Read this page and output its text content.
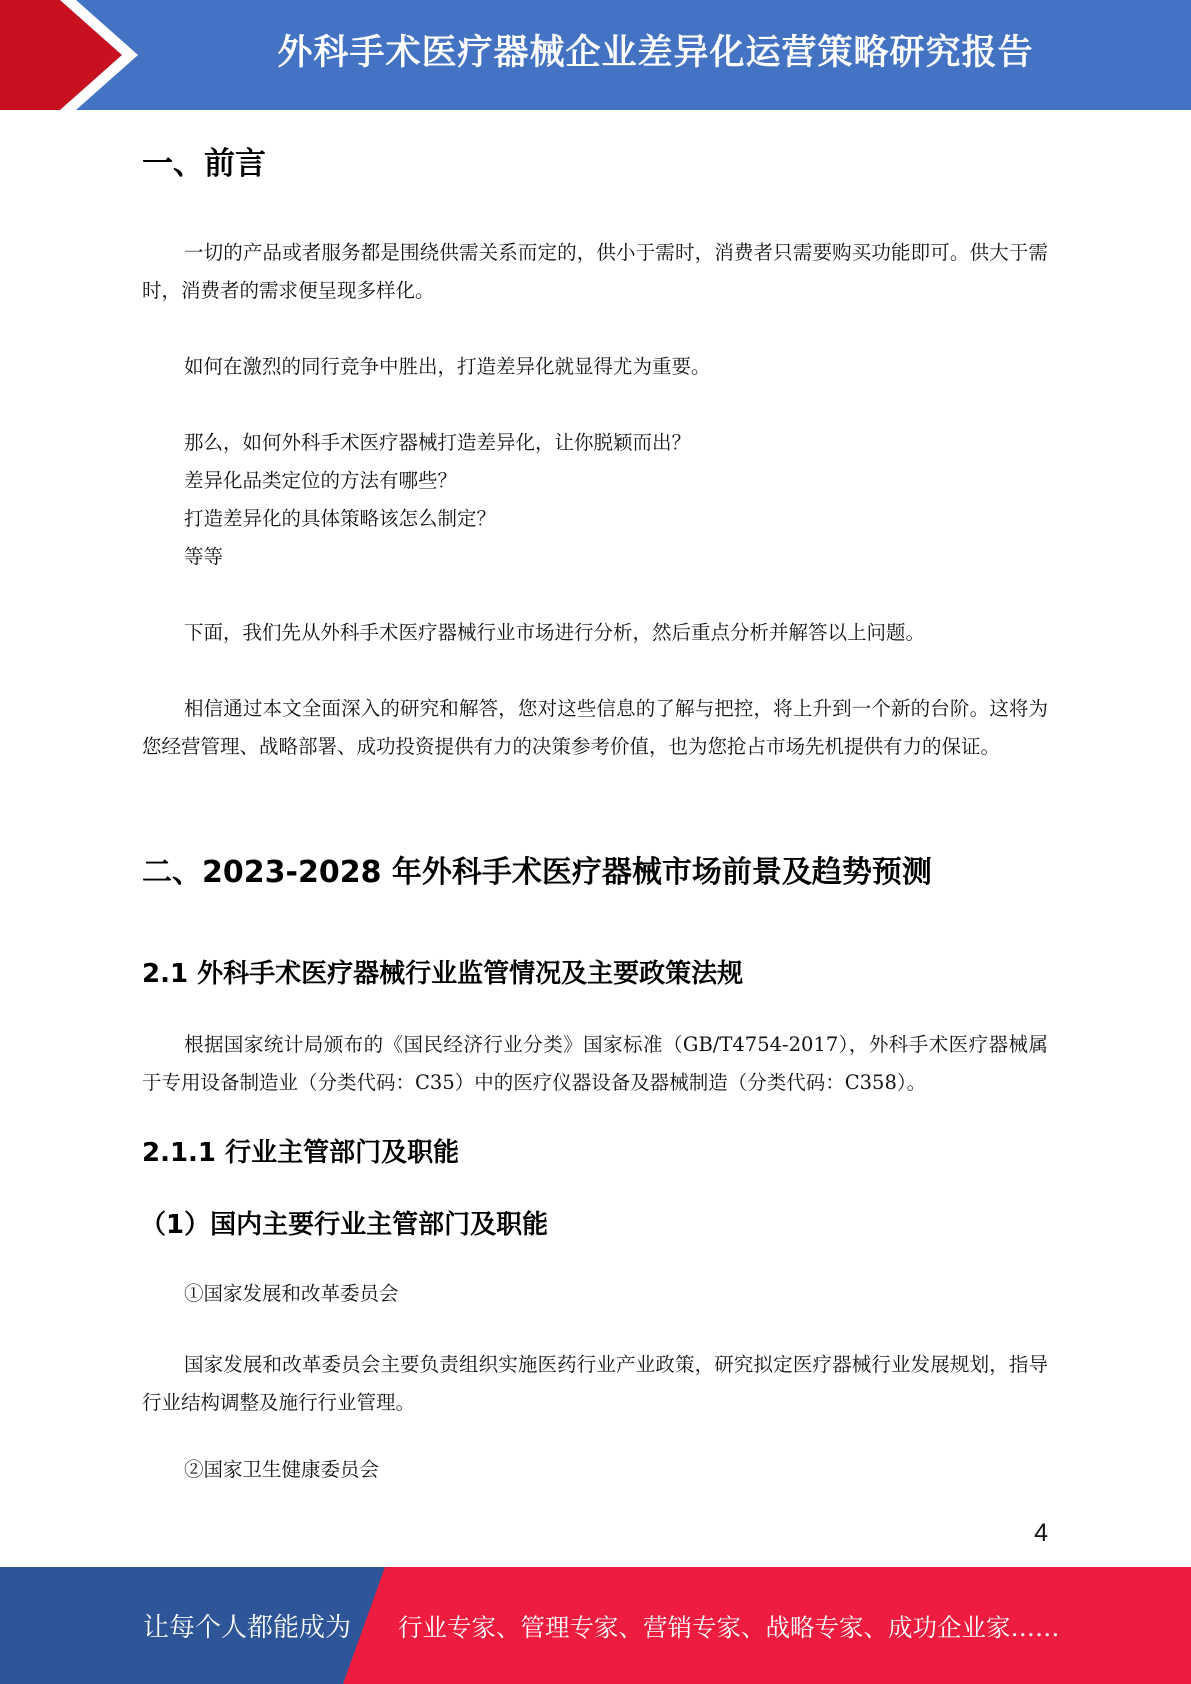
外科手术医疗器械企业差异化运营策略研究报告
一、前言
一切的产品或者服务都是围绕供需关系而定的，供小于需时，消费者只需要购买功能即可。供大于需时，消费者的需求便呈现多样化。
如何在激烈的同行竞争中胜出，打造差异化就显得尤为重要。
那么，如何外科手术医疗器械打造差异化，让你脱颖而出？
差异化品类定位的方法有哪些？
打造差异化的具体策略该怎么制定？
等等
下面，我们先从外科手术医疗器械行业市场进行分析，然后重点分析并解答以上问题。
相信通过本文全面深入的研究和解答，您对这些信息的了解与把控，将上升到一个新的台阶。这将为您经营管理、战略部署、成功投资提供有力的决策参考价值，也为您抢占市场先机提供有力的保证。
二、2023-2028 年外科手术医疗器械市场前景及趋势预测
2.1 外科手术医疗器械行业监管情况及主要政策法规
根据国家统计局颁布的《国民经济行业分类》国家标准（GB/T4754-2017），外科手术医疗器械属于专用设备制造业（分类代码：C35）中的医疗仪器设备及器械制造（分类代码：C358）。
2.1.1 行业主管部门及职能
（1）国内主要行业主管部门及职能
①国家发展和改革委员会
国家发展和改革委员会主要负责组织实施医药行业产业政策，研究拟定医疗器械行业发展规划，指导行业结构调整及施行行业管理。
②国家卫生健康委员会
4
让每个人都能成为 行业专家、管理专家、营销专家、战略专家、成功企业家……
